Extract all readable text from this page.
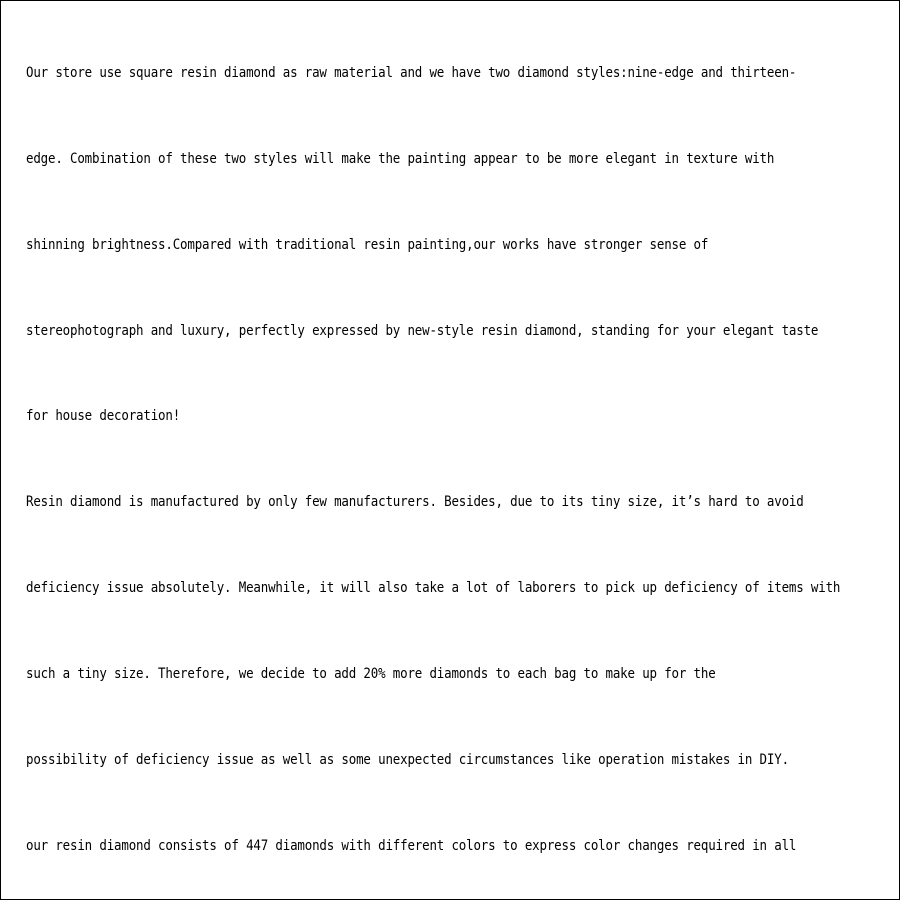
Our store use square resin diamond as raw material and we have two diamond styles:nine-edge and thirteen-

edge. Combination of these two styles will make the painting appear to be more elegant in texture with

shinning brightness.Compared with traditional resin painting,our works have stronger sense of

stereophotograph and luxury, perfectly expressed by new-style resin diamond, standing for your elegant taste

for house decoration!

Resin diamond is manufactured by only few manufacturers. Besides, due to its tiny size, it’s hard to avoid

deficiency issue absolutely. Meanwhile, it will also take a lot of laborers to pick up deficiency of items with

such a tiny size. Therefore, we decide to add 20% more diamonds to each bag to make up for the

possibility of deficiency issue as well as some unexpected circumstances like operation mistakes in DIY.

our resin diamond consists of 447 diamonds with different colors to express color changes required in all
